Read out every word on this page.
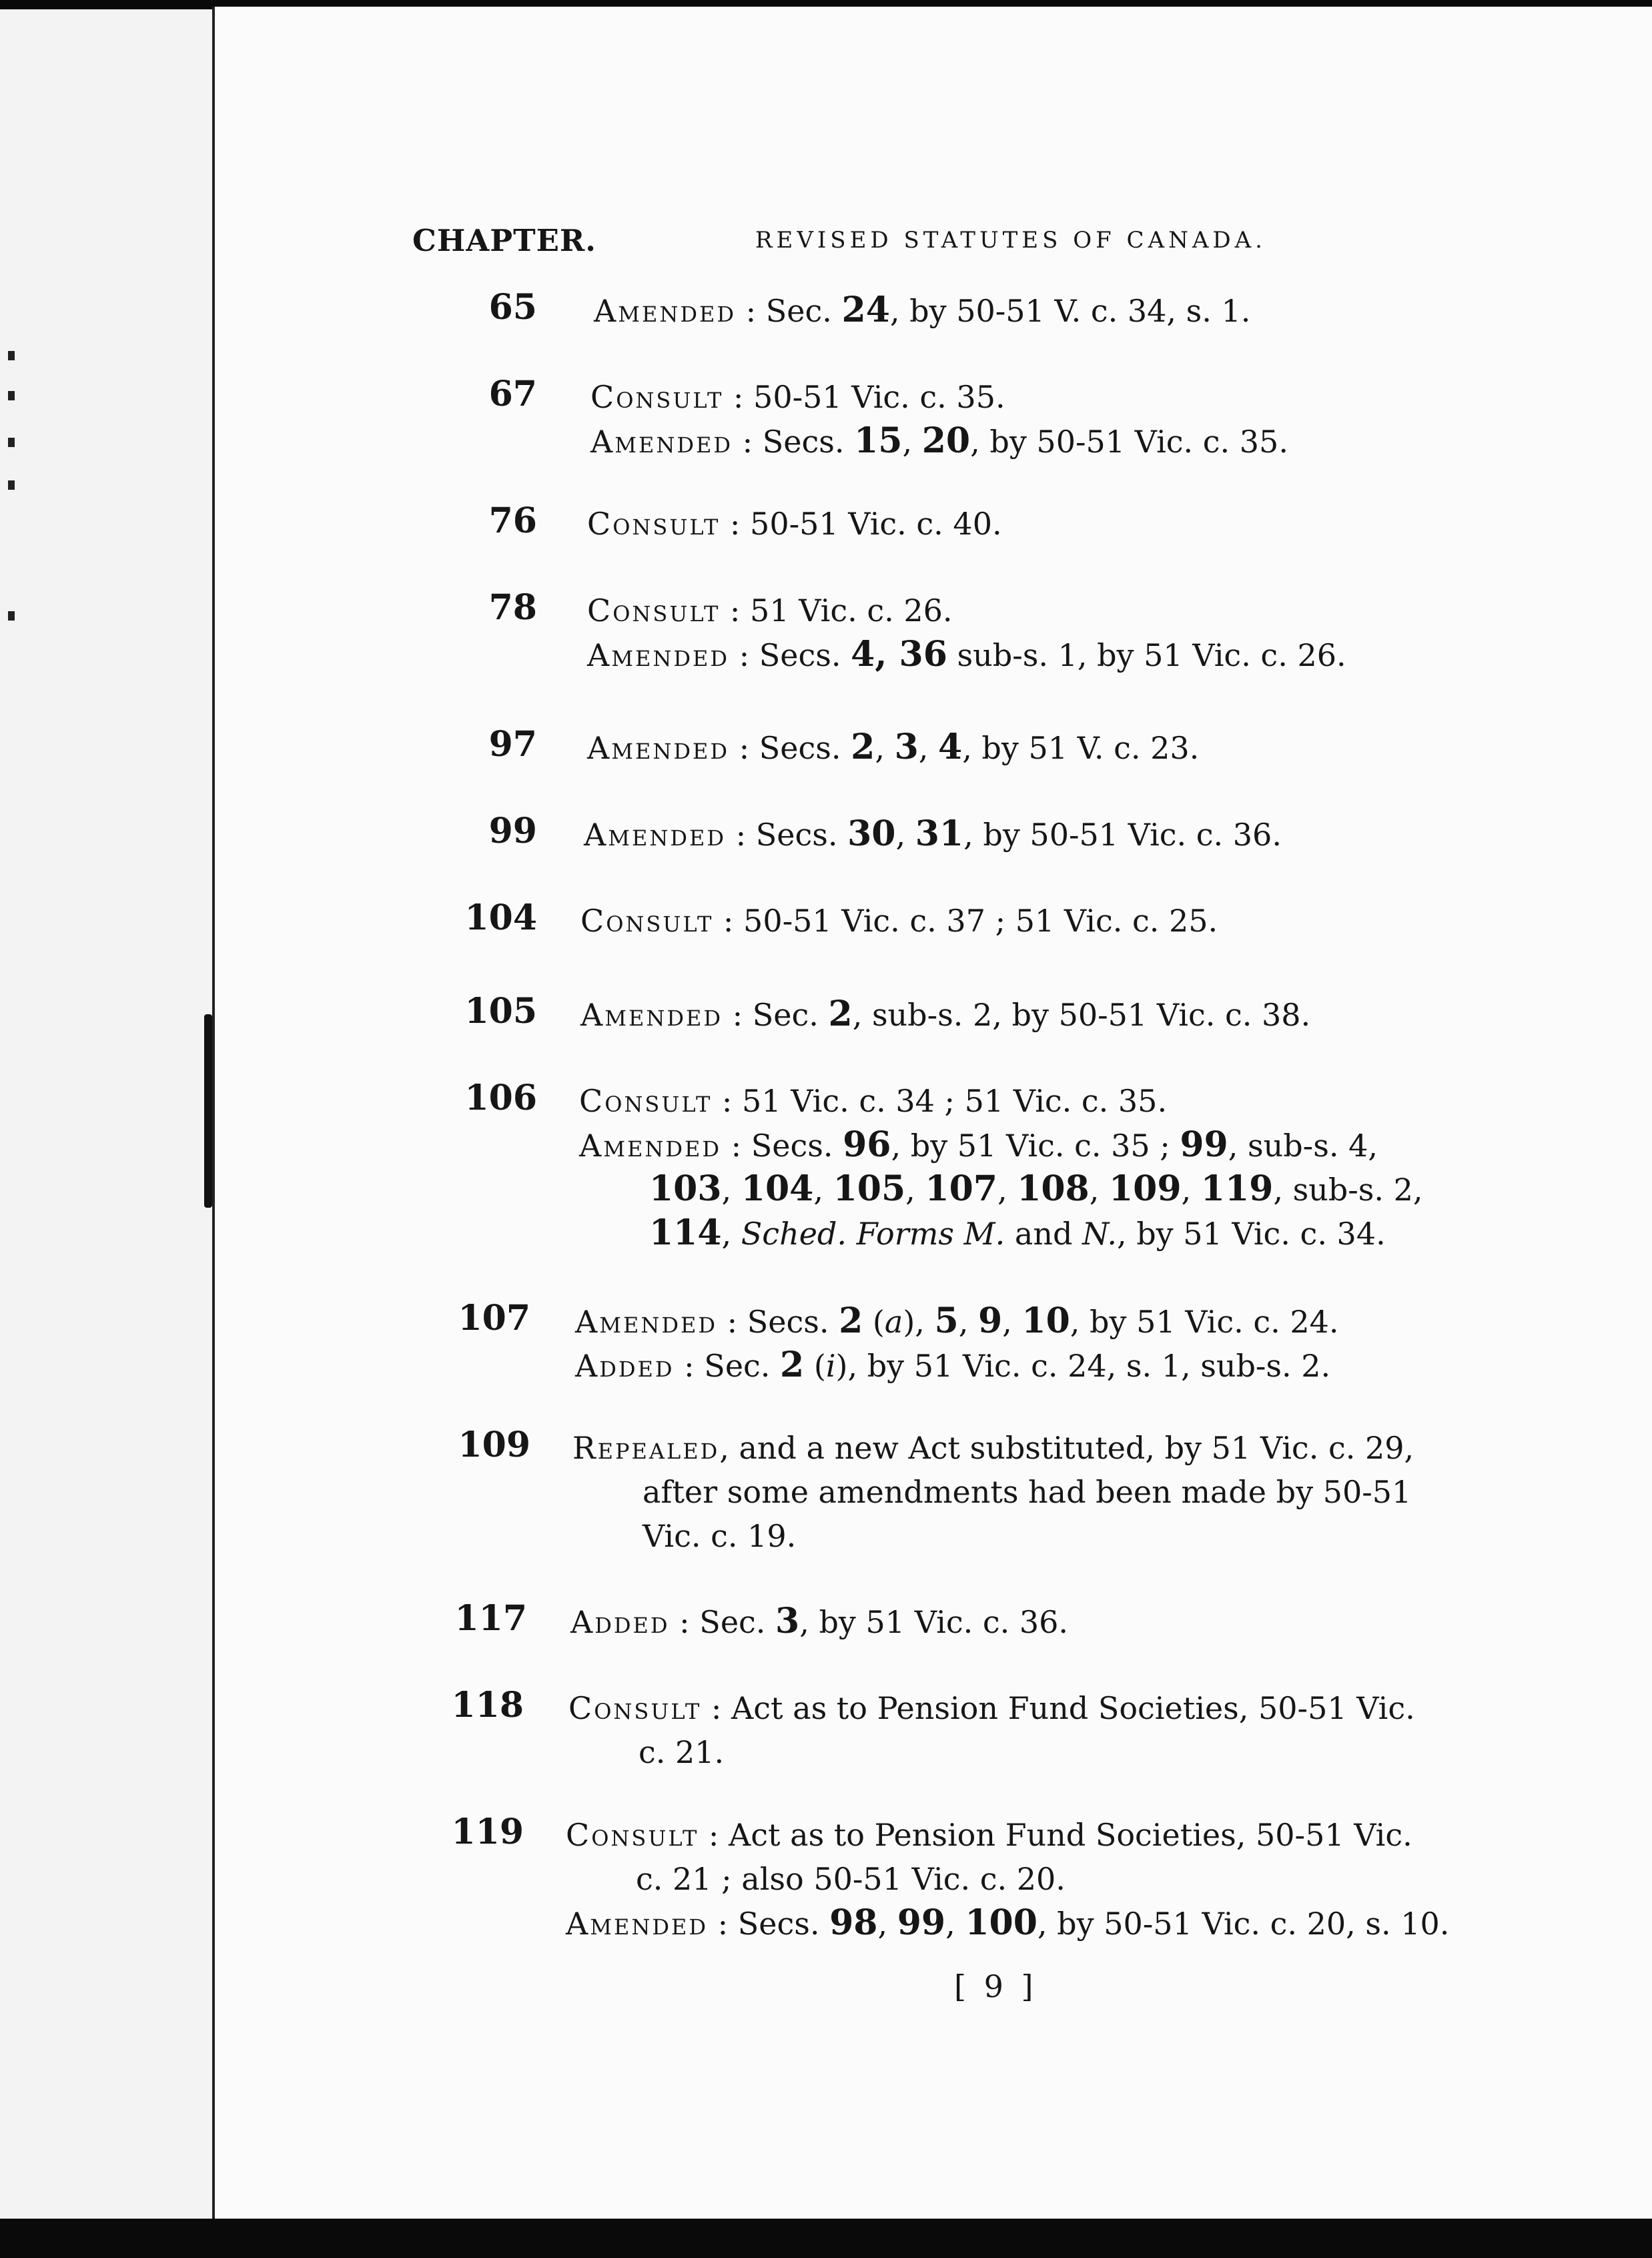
CHAPTER.	REVISED STATUTES OF CANADA.
65 Amended : Sec. 24, by 50-51 V. c. 34, s. 1.
67 Consult : 50-51 Vic. c. 35.
Amended : Secs. 15, 20, by 50-51 Vic. c. 35.
76 Consult : 50-51 Vic. c. 40.
78 Consult : 51 Vic. c. 26.
Amended : Secs. 4, 36 sub-s. 1, by 51 Vic. c. 26.
97 Amended : Secs. 2, 3, 4, by 51 V. c. 23.
99 Amended : Secs. 30, 31, by 50-51 Vic. c. 36.
104 Consult : 50-51 Vic. c. 37 ; 51 Vic. c. 25.
105 Amended : Sec. 2, sub-s. 2, by 50-51 Vic. c. 38.
106 Consult : 51 Vic. c. 34 ; 51 Vic. c. 35.
Amended : Secs. 96, by 51 Vic. c. 35 ; 99, sub-s. 4,
103, 104, 105, 107, 108, 109, 119, sub-s. 2,
114, Sched. Forms M. and N., by 51 Vic. c. 34.
107 Amended : Secs. 2 (a), 5, 9, 10, by 51 Vic. c. 24.
Added : Sec. 2 (i), by 51 Vic. c. 24, s. 1, sub-s. 2.
109 Repealed, and a new Act substituted, by 51 Vic. c. 29,
after some amendments had been made by 50-51
Vic. c. 19.
117 Added : Sec. 3, by 51 Vic. c. 36.
118 Consult : Act as to Pension Fund Societies, 50-51 Vic.
c. 21.
119 Consult : Act as to Pension Fund Societies, 50-51 Vic.
c. 21 ; also 50-51 Vic. c. 20.
Amended : Secs. 98, 99, 100, by 50-51 Vic. c. 20, s. 10.
[ 9 ]
